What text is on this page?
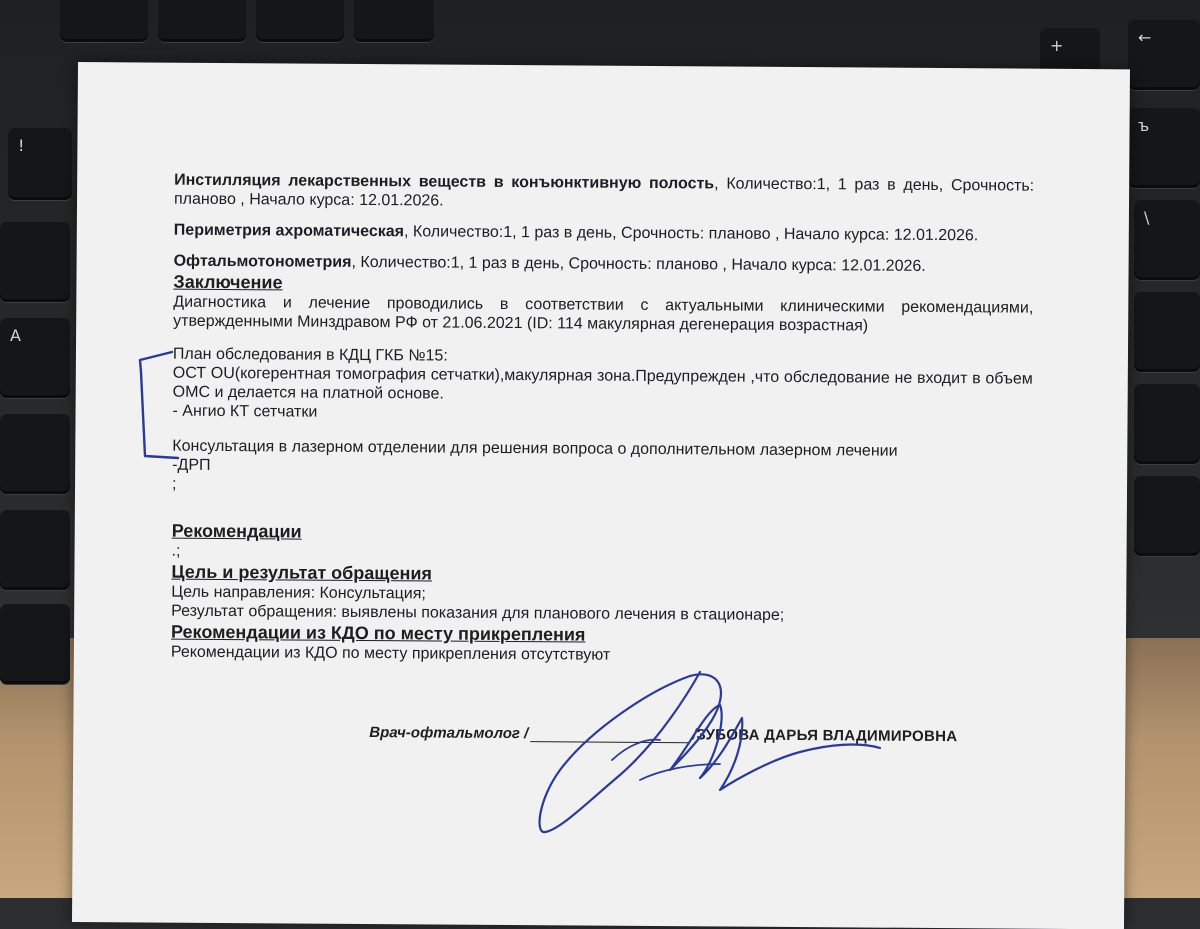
+	←
ъ
\
!
A

Инстилляция лекарственных веществ в конъюнктивную полость, Количество:1, 1 раз в день, Срочность: планово , Начало курса: 12.01.2026.

Периметрия ахроматическая, Количество:1, 1 раз в день, Срочность: планово , Начало курса: 12.01.2026.

Офтальмотонометрия, Количество:1, 1 раз в день, Срочность: планово , Начало курса: 12.01.2026.

Заключение

Диагностика и лечение проводились в соответствии с актуальными клиническими рекомендациями, утвержденными Минздравом РФ от 21.06.2021 (ID: 114 макулярная дегенерация возрастная)

План обследования в КДЦ ГКБ №15:

ОСТ OU(когерентная томография сетчатки),макулярная зона.Предупрежден ,что обследование не входит в объем ОМС и делается на платной основе.

- Ангио КТ сетчатки

Консультация в лазерном отделении для решения вопроса о дополнительном лазерном лечении

-ДРП

;

Рекомендации

.;

Цель и результат обращения

Цель направления: Консультация;

Результат обращения: выявлены показания для планового лечения в стационаре;

Рекомендации из КДО по месту прикрепления

Рекомендации из КДО по месту прикрепления отсутствуют

Врач-офтальмолог /	/ЗУБОВА ДАРЬЯ ВЛАДИМИРОВНА
